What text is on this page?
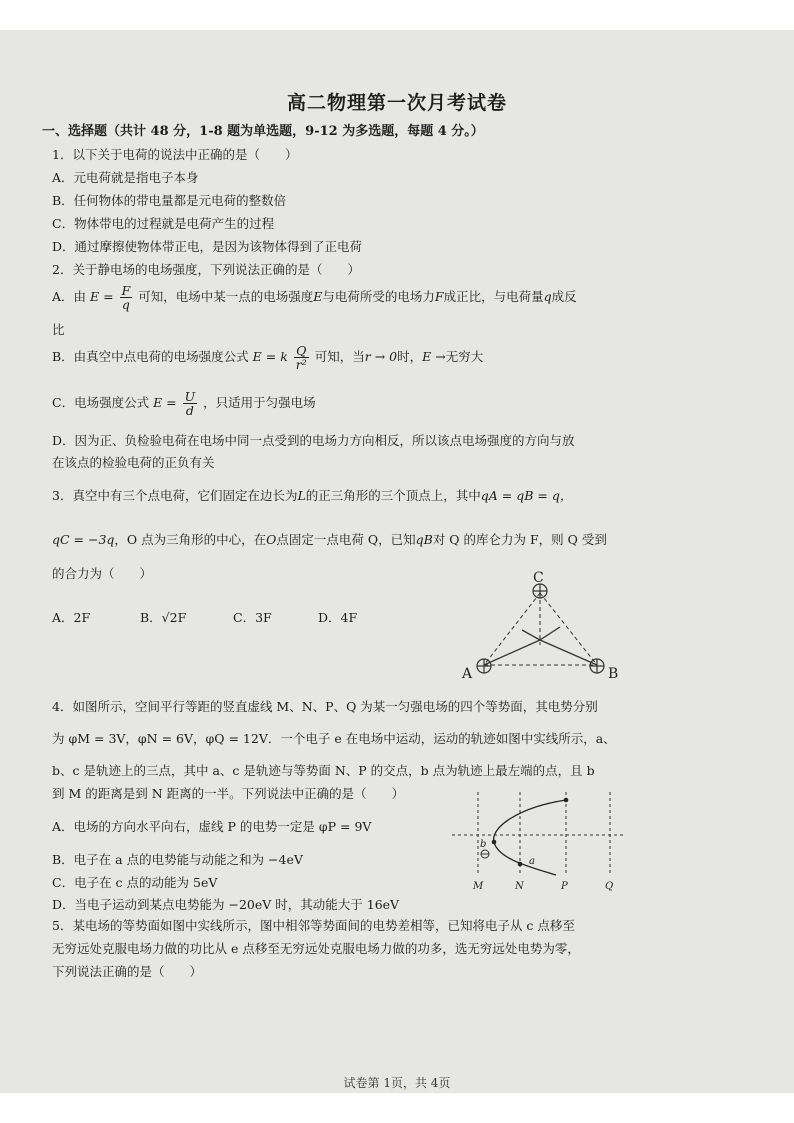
高二物理第一次月考试卷
一、选择题（共计 48 分，1-8 题为单选题，9-12 为多选题，每题 4 分。）
1．以下关于电荷的说法中正确的是（　　）
A．元电荷就是指电子本身
B．任何物体的带电量都是元电荷的整数倍
C．物体带电的过程就是电荷产生的过程
D．通过摩擦使物体带正电，是因为该物体得到了正电荷
2．关于静电场的电场强度，下列说法正确的是（　　）
A．由 $E = \frac{F}{q}$ 可知，电场中某一点的电场强度E与电荷所受的电场力F成正比，与电荷量q成反
比
B．由真空中点电荷的电场强度公式 E = k $\frac{Q}{\text{r²}}$ 可知，当r → 0时，E →无穷大
C．电场强度公式 $E = \frac{U}{d}$ ，只适用于匀强电场
D．因为正、负检验电荷在电场中同一点受到的电场力方向相反，所以该点电场强度的方向与放
在该点的检验电荷的正负有关
3．真空中有三个点电荷，它们固定在边长为L的正三角形的三个顶点上，其中qA = qB = q，
qC = −3q，O 点为三角形的中心，在O点固定一点电荷 Q，已知qB对 Q 的库仑力为 F，则 Q 受到
的合力为（　　）
A．2F	B．√2F	C．3F	D．4F
C
A	B
4．如图所示，空间平行等距的竖直虚线 M、N、P、Q 为某一匀强电场的四个等势面，其电势分别
为 φM = 3V，φN = 6V，φQ = 12V．一个电子 e 在电场中运动，运动的轨迹如图中实线所示，a、
b、c 是轨迹上的三点，其中 a、c 是轨迹与等势面 N、P 的交点，b 点为轨迹上最左端的点，且 b
到 M 的距离是到 N 距离的一半。下列说法中正确的是（　　）
A．电场的方向水平向右，虚线 P 的电势一定是 φP = 9V
B．电子在 a 点的电势能与动能之和为 −4eV
C．电子在 c 点的动能为 5eV
D．当电子运动到某点电势能为 −20eV 时，其动能大于 16eV
b
a
M	N	P	Q
5．某电场的等势面如图中实线所示，图中相邻等势面间的电势差相等，已知将电子从 c 点移至
无穷远处克服电场力做的功比从 e 点移至无穷远处克服电场力做的功多，选无穷远处电势为零，
下列说法正确的是（　　）
试卷第 1页，共 4页
